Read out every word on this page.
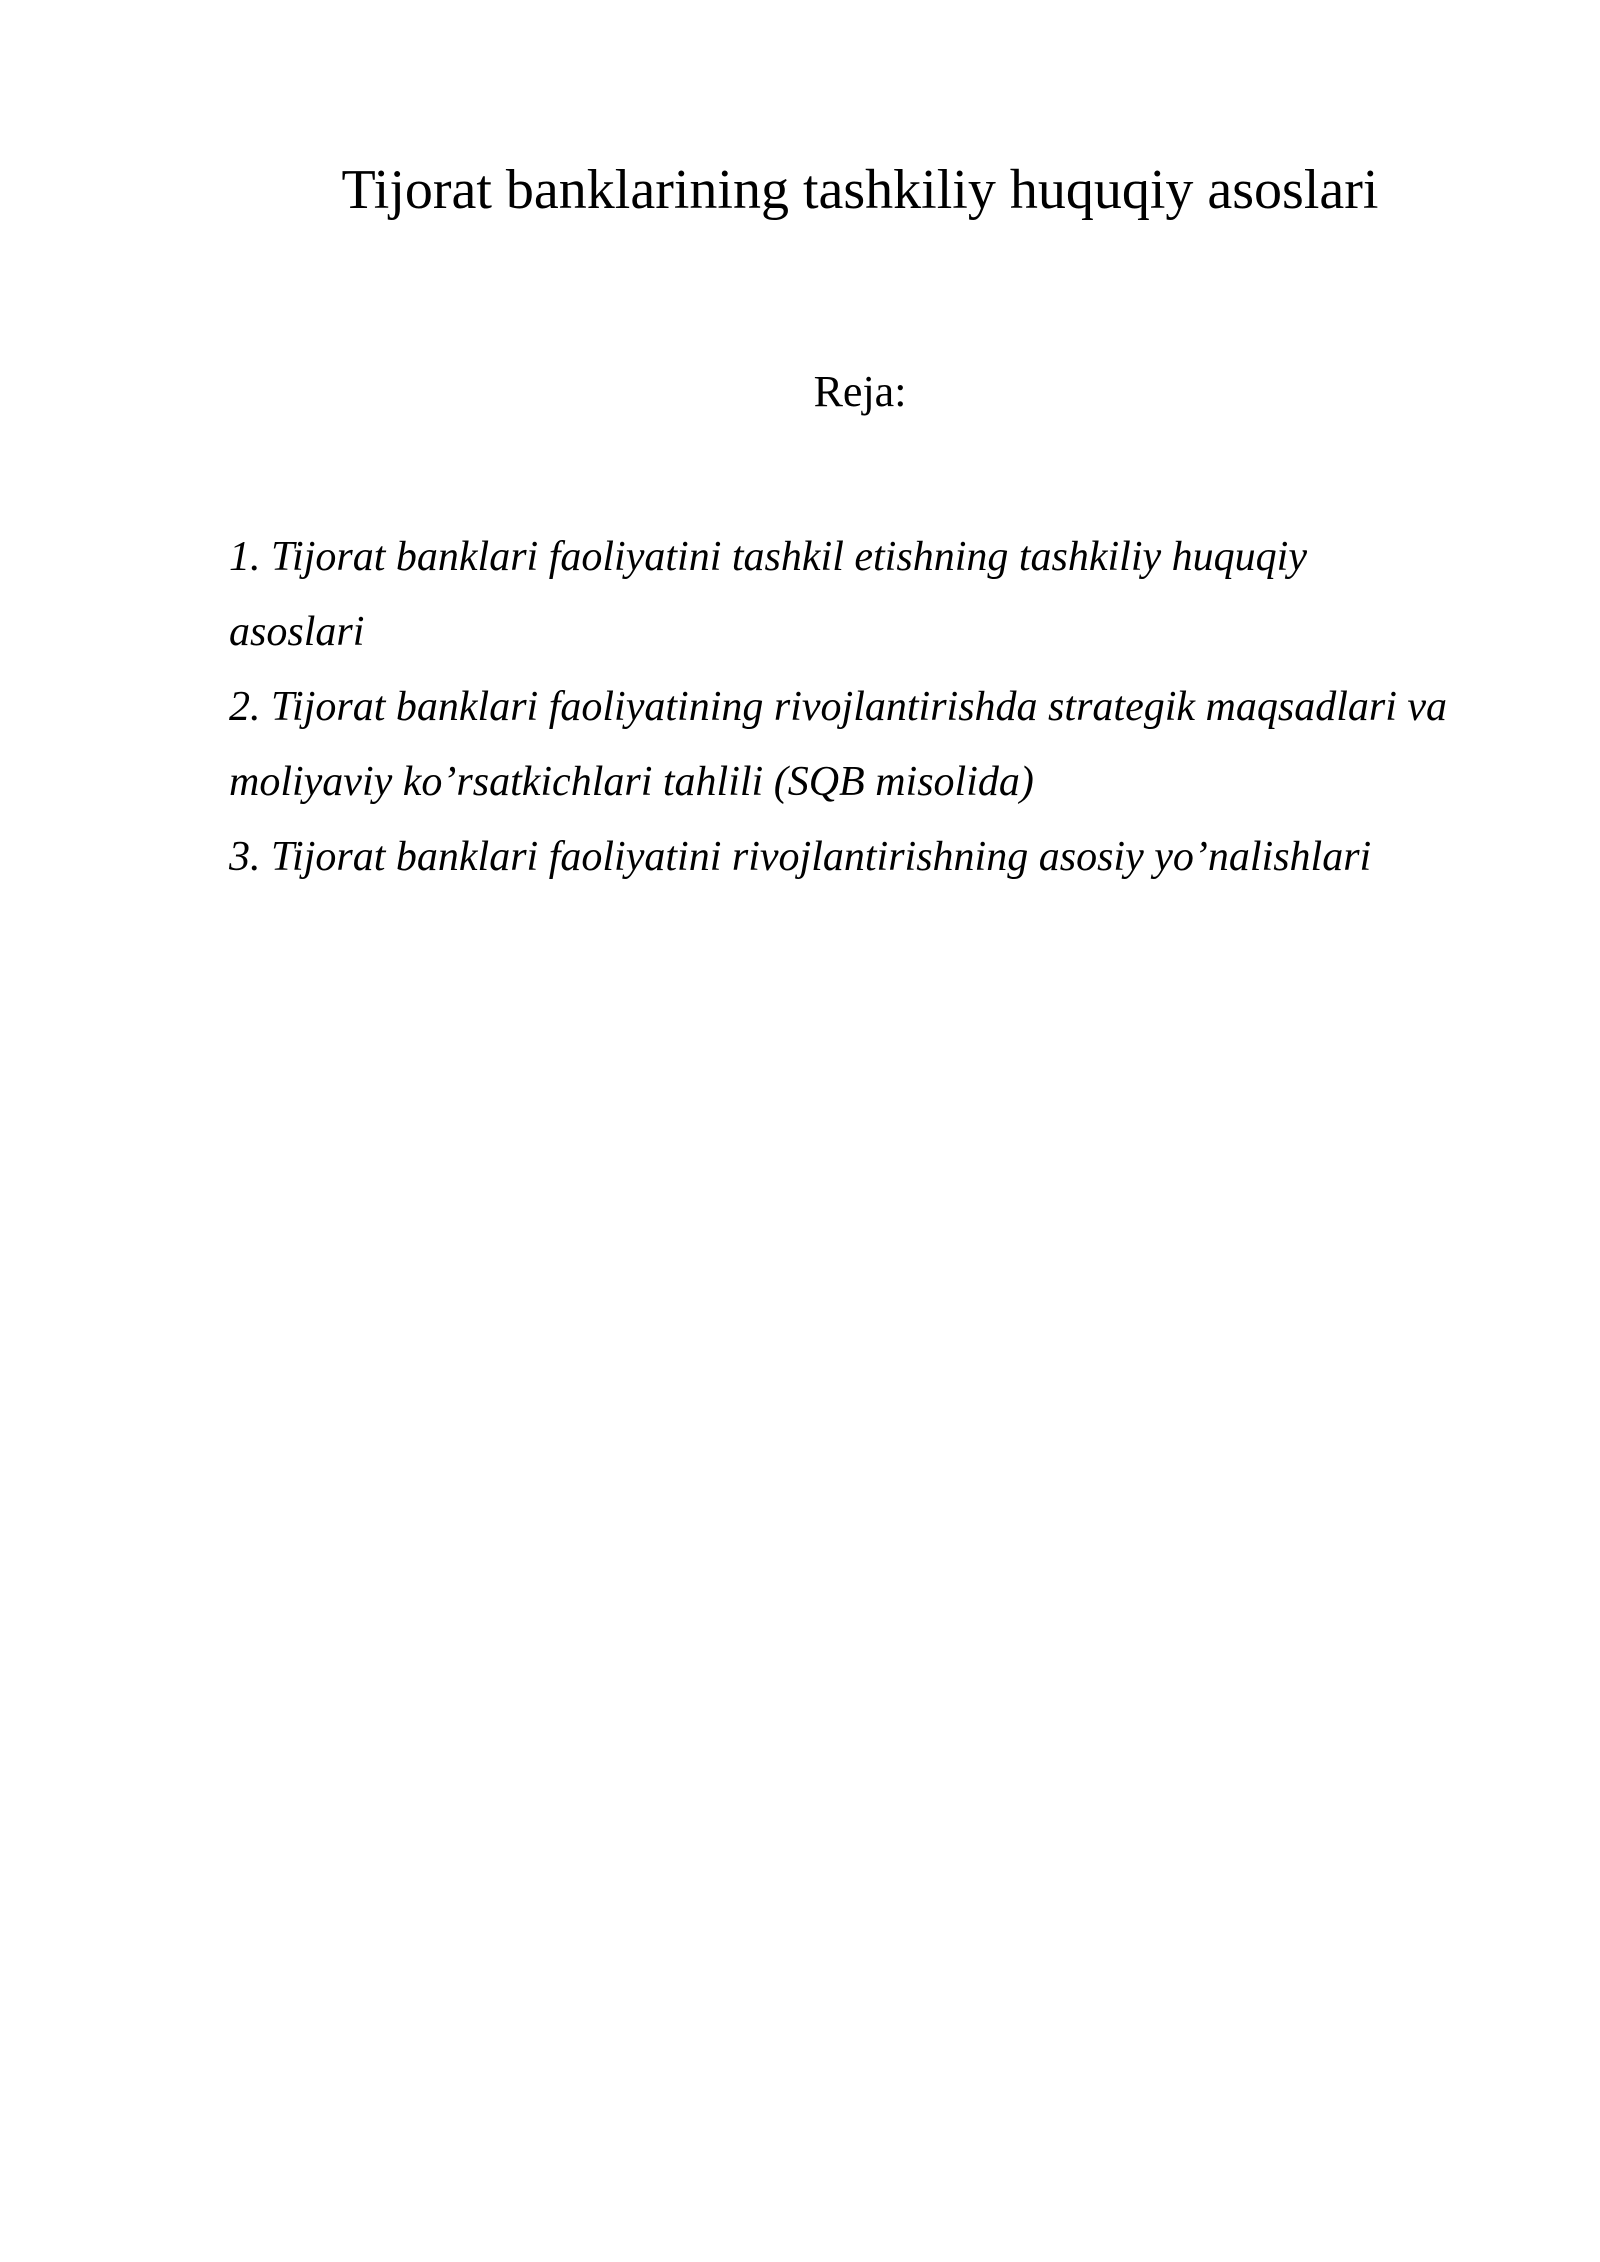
Tijorat banklarining tashkiliy huquqiy asoslari
Reja:
1. Tijorat banklari faoliyatini tashkil etishning tashkiliy huquqiy
asoslari
2. Tijorat banklari faoliyatining rivojlantirishda strategik maqsadlari va
moliyaviy ko’rsatkichlari tahlili (SQB misolida)
3. Tijorat banklari faoliyatini rivojlantirishning asosiy yo’nalishlari
